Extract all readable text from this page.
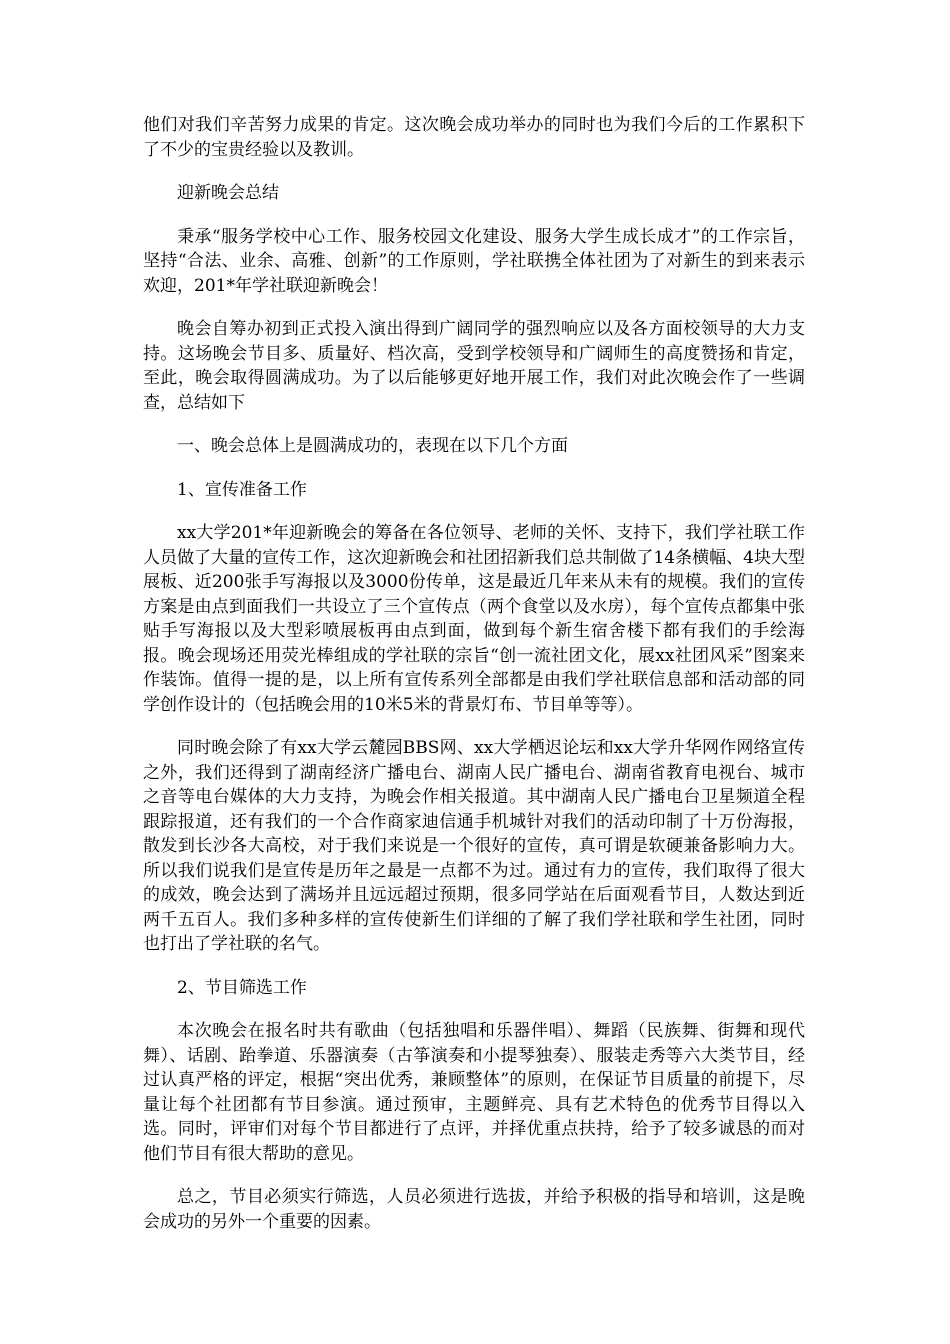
他们对我们辛苦努力成果的肯定。这次晚会成功举办的同时也为我们今后的工作累积下了不少的宝贵经验以及教训。

迎新晚会总结

秉承“服务学校中心工作、服务校园文化建设、服务大学生成长成才”的工作宗旨，坚持“合法、业余、高雅、创新”的工作原则，学社联携全体社团为了对新生的到来表示欢迎，201*年学社联迎新晚会！

晚会自筹办初到正式投入演出得到广阔同学的强烈响应以及各方面校领导的大力支持。这场晚会节目多、质量好、档次高，受到学校领导和广阔师生的高度赞扬和肯定，至此，晚会取得圆满成功。为了以后能够更好地开展工作，我们对此次晚会作了一些调查，总结如下

一、晚会总体上是圆满成功的，表现在以下几个方面

1、宣传准备工作

xx大学201*年迎新晚会的筹备在各位领导、老师的关怀、支持下，我们学社联工作人员做了大量的宣传工作，这次迎新晚会和社团招新我们总共制做了14条横幅、4块大型展板、近200张手写海报以及3000份传单，这是最近几年来从未有的规模。我们的宣传方案是由点到面我们一共设立了三个宣传点（两个食堂以及水房），每个宣传点都集中张贴手写海报以及大型彩喷展板再由点到面，做到每个新生宿舍楼下都有我们的手绘海报。晚会现场还用荧光棒组成的学社联的宗旨“创一流社团文化，展xx社团风采”图案来作装饰。值得一提的是，以上所有宣传系列全部都是由我们学社联信息部和活动部的同学创作设计的（包括晚会用的10米5米的背景灯布、节目单等等）。

同时晚会除了有xx大学云麓园BBS网、xx大学栖迟论坛和xx大学升华网作网络宣传之外，我们还得到了湖南经济广播电台、湖南人民广播电台、湖南省教育电视台、城市之音等电台媒体的大力支持，为晚会作相关报道。其中湖南人民广播电台卫星频道全程跟踪报道，还有我们的一个合作商家迪信通手机城针对我们的活动印制了十万份海报，散发到长沙各大高校，对于我们来说是一个很好的宣传，真可谓是软硬兼备影响力大。所以我们说我们是宣传是历年之最是一点都不为过。通过有力的宣传，我们取得了很大的成效，晚会达到了满场并且远远超过预期，很多同学站在后面观看节目，人数达到近两千五百人。我们多种多样的宣传使新生们详细的了解了我们学社联和学生社团，同时也打出了学社联的名气。

2、节目筛选工作

本次晚会在报名时共有歌曲（包括独唱和乐器伴唱）、舞蹈（民族舞、街舞和现代舞）、话剧、跆拳道、乐器演奏（古筝演奏和小提琴独奏）、服装走秀等六大类节目，经过认真严格的评定，根据“突出优秀，兼顾整体”的原则，在保证节目质量的前提下，尽量让每个社团都有节目参演。通过预审，主题鲜亮、具有艺术特色的优秀节目得以入选。同时，评审们对每个节目都进行了点评，并择优重点扶持，给予了较多诚恳的而对他们节目有很大帮助的意见。

总之，节目必须实行筛选，人员必须进行选拔，并给予积极的指导和培训，这是晚会成功的另外一个重要的因素。
